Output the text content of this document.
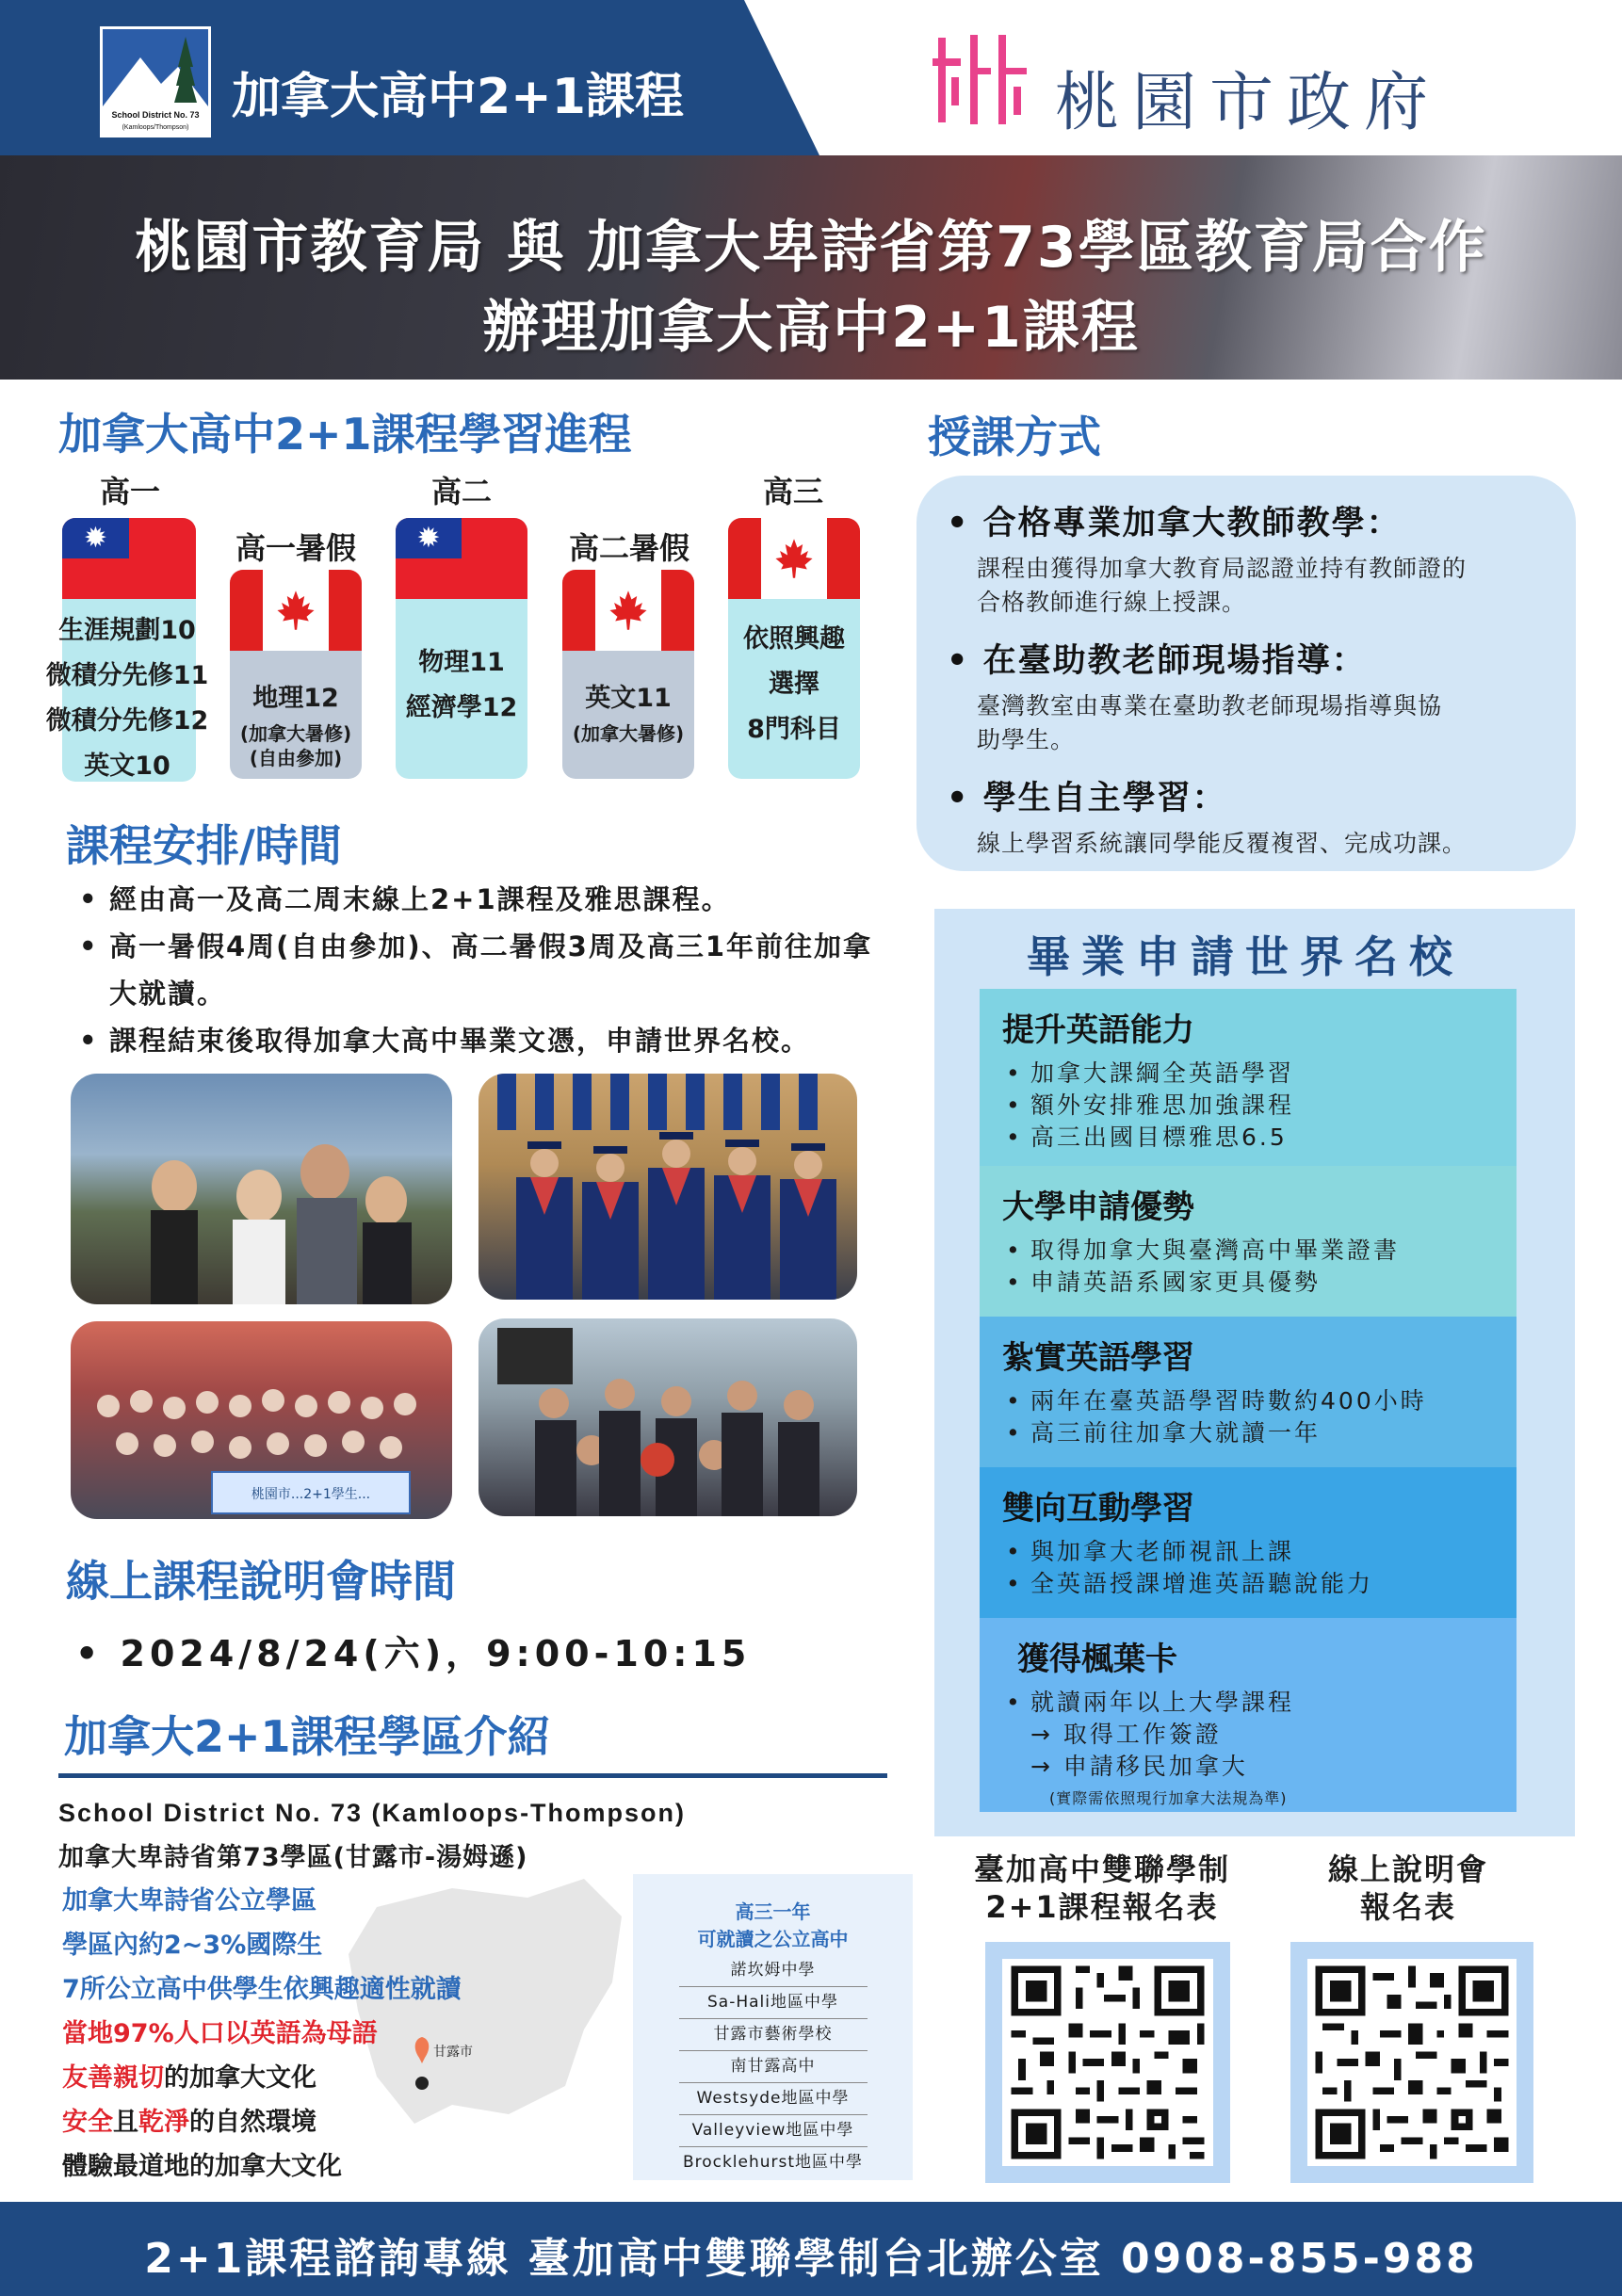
School District No. 73
(Kamloops/Thompson)
加拿大高中2+1課程	桃園市政府
桃園市教育局 與 加拿大卑詩省第73學區教育局合作
辦理加拿大高中2+1課程
加拿大高中2+1課程學習進程
高一
✹
生涯規劃10
微積分先修11
微積分先修12
英文10
高一暑假
地理12
(加拿大暑修)
(自由參加)
高二
✹
物理11
經濟學12
高二暑假
英文11
(加拿大暑修)
高三
依照興趣
選擇
8門科目
課程安排/時間
• 經由高一及高二周末線上2+1課程及雅思課程。
• 高一暑假4周(自由參加)、高二暑假3周及高三1年前往加拿大就讀。
• 課程結束後取得加拿大高中畢業文憑，申請世界名校。
桃園市...2+1學生...
線上課程說明會時間
• 2024/8/24(六)，9:00-10:15
加拿大2+1課程學區介紹
School District No. 73 (Kamloops-Thompson)
加拿大卑詩省第73學區(甘露市-湯姆遜)
甘露市
加拿大卑詩省公立學區
學區內約2~3%國際生
7所公立高中供學生依興趣適性就讀
當地97%人口以英語為母語
友善親切的加拿大文化
安全且乾淨的自然環境
體驗最道地的加拿大文化
高三一年
可就讀之公立高中
諾坎姆中學
Sa-Hali地區中學
甘露市藝術學校
南甘露高中
Westsyde地區中學
Valleyview地區中學
Brocklehurst地區中學
授課方式
• 合格專業加拿大教師教學：
課程由獲得加拿大教育局認證並持有教師證的
合格教師進行線上授課。
• 在臺助教老師現場指導：
臺灣教室由專業在臺助教老師現場指導與協
助學生。
• 學生自主學習：
線上學習系統讓同學能反覆複習、完成功課。
畢業申請世界名校
提升英語能力
• 加拿大課綱全英語學習
• 額外安排雅思加強課程
• 高三出國目標雅思6.5
大學申請優勢
• 取得加拿大與臺灣高中畢業證書
• 申請英語系國家更具優勢
紮實英語學習
• 兩年在臺英語學習時數約400小時
• 高三前往加拿大就讀一年
雙向互動學習
• 與加拿大老師視訊上課
• 全英語授課增進英語聽說能力
獲得楓葉卡
• 就讀兩年以上大學課程
→ 取得工作簽證
→ 申請移民加拿大
(實際需依照現行加拿大法規為準)
臺加高中雙聯學制
2+1課程報名表
線上說明會
報名表
2+1課程諮詢專線 臺加高中雙聯學制台北辦公室 0908-855-988
